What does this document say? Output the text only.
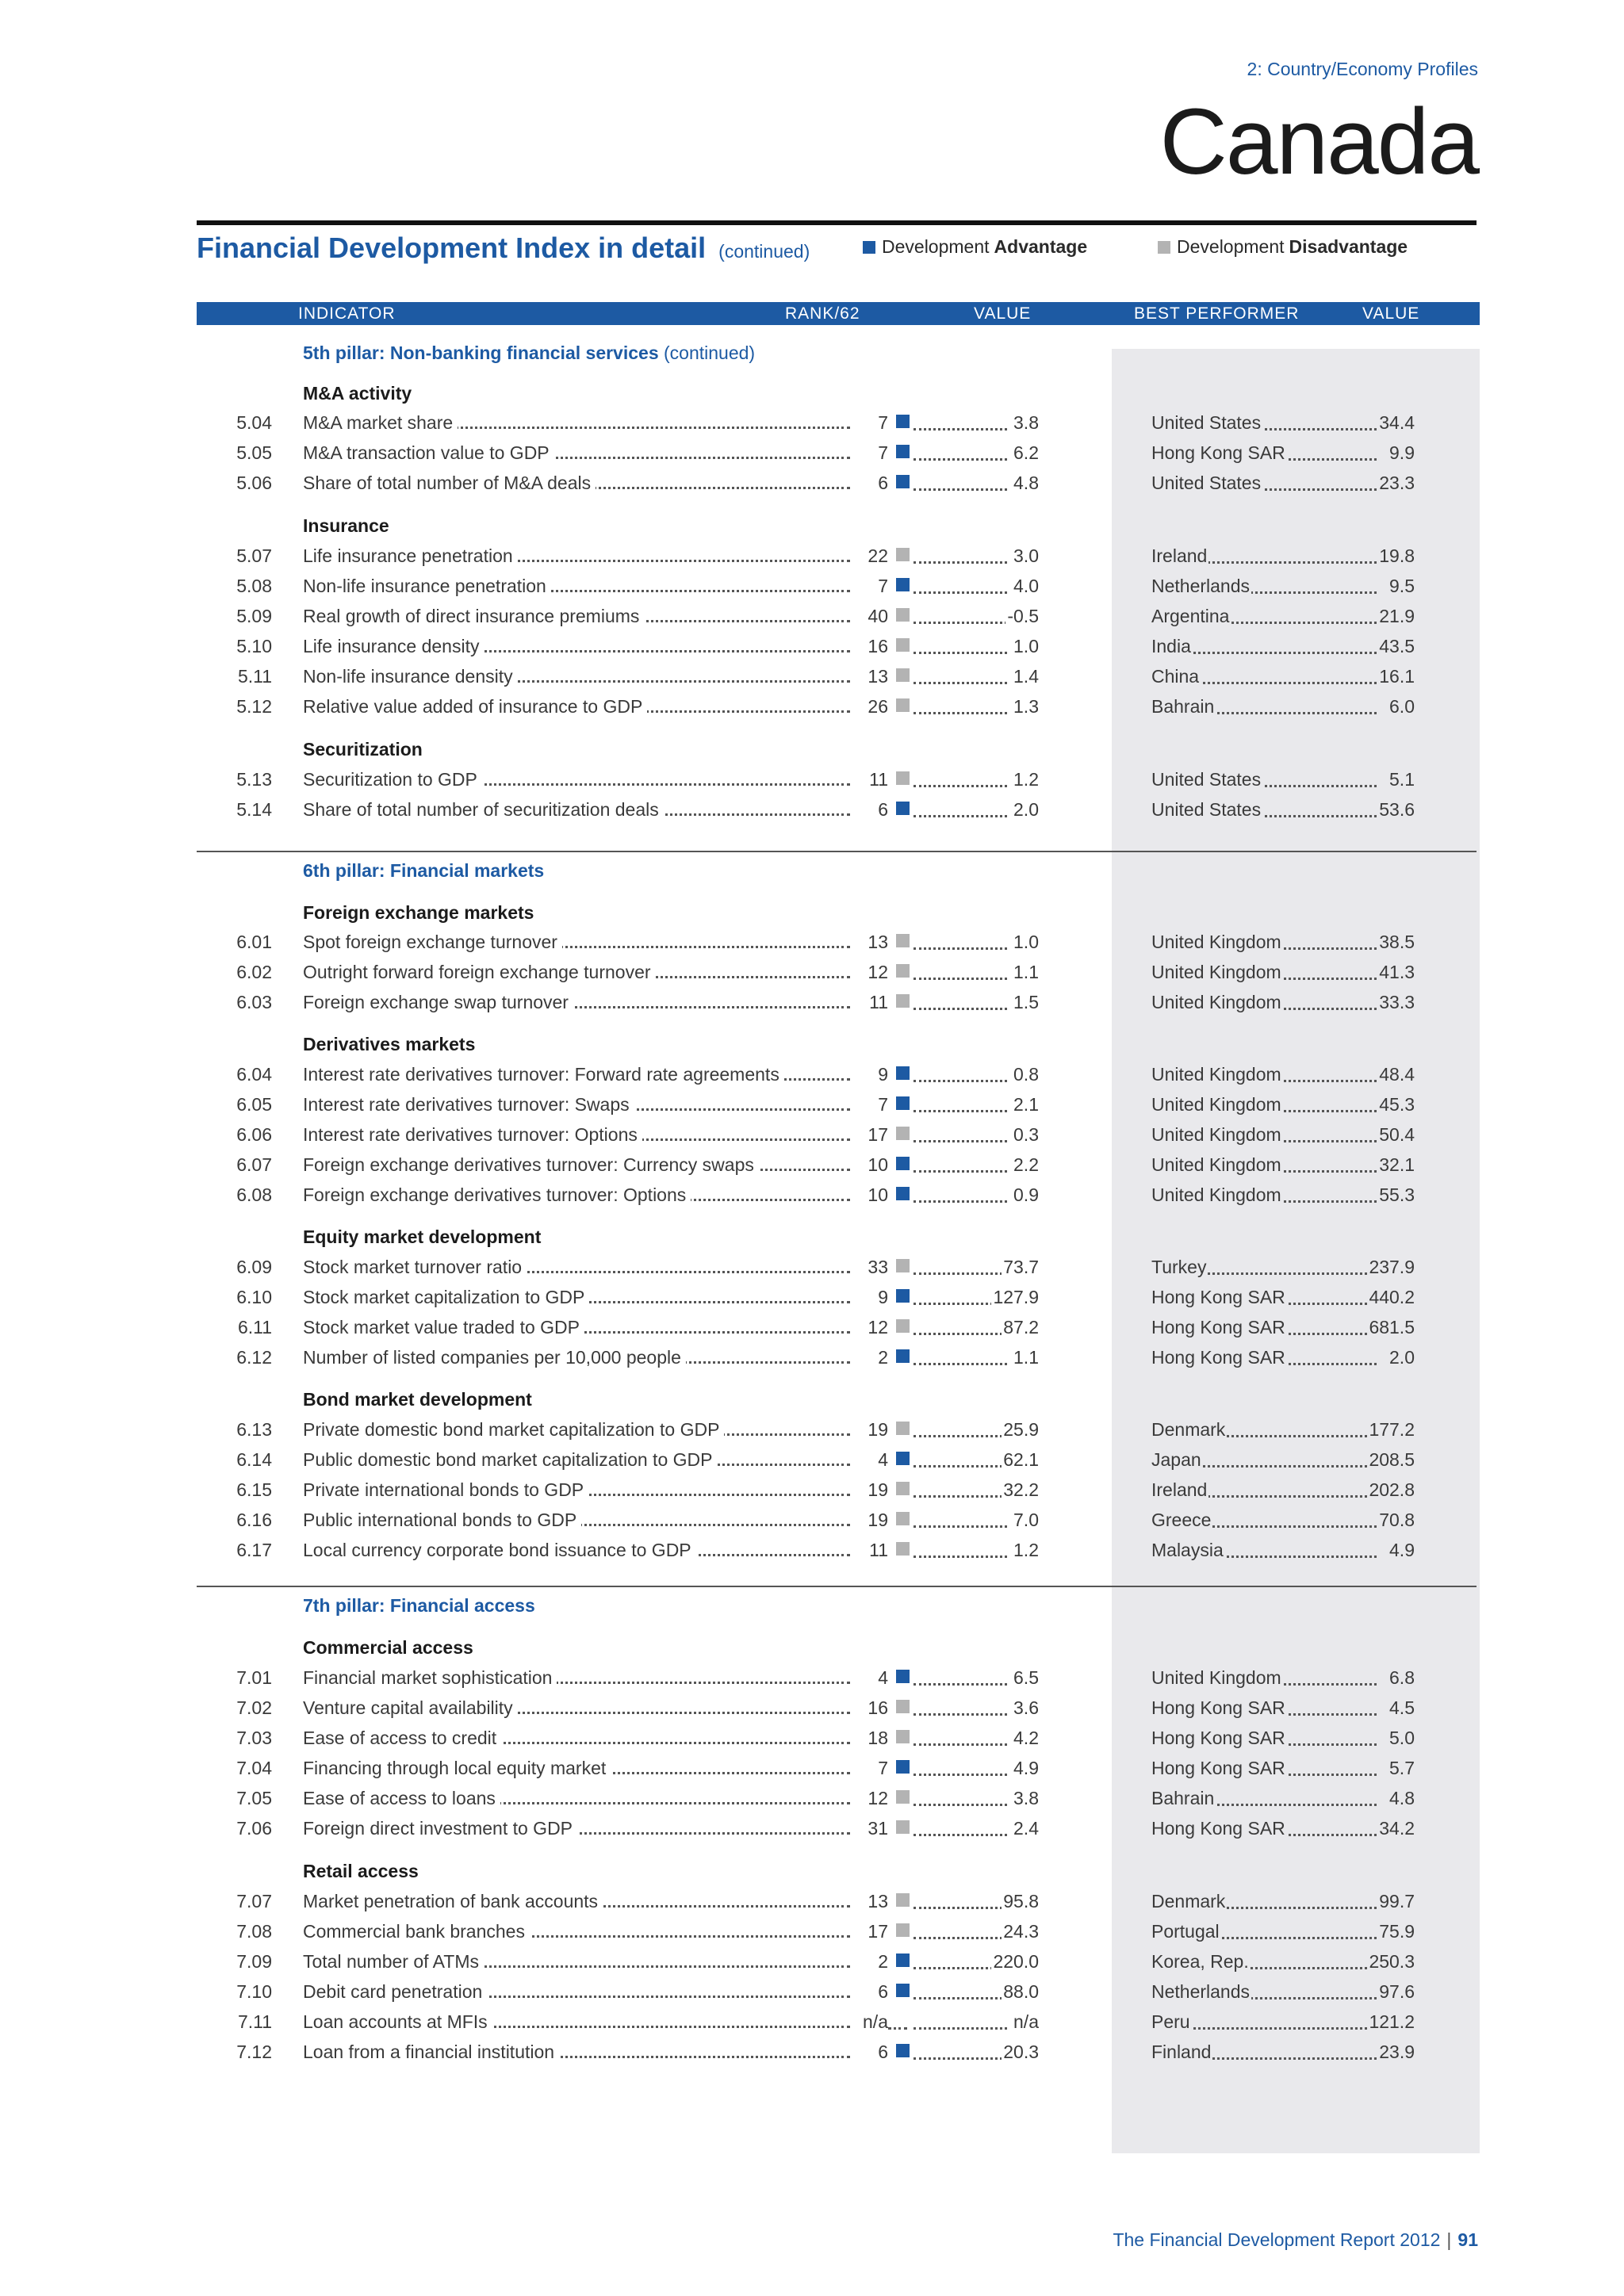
2: Country/Economy Profiles
Canada
Financial Development Index in detail (continued)	Development Advantage	Development Disadvantage
INDICATOR	RANK/62	VALUE	BEST PERFORMER	VALUE
5th pillar: Non-banking financial services (continued)
M&A activity
5.04 M&A market share	7	3.8	United States	34.4
5.05 M&A transaction value to GDP	7	6.2	Hong Kong SAR	9.9
5.06 Share of total number of M&A deals	6	4.8	United States	23.3
Insurance
5.07 Life insurance penetration	22	3.0	Ireland	19.8
5.08 Non-life insurance penetration	7	4.0	Netherlands	9.5
5.09 Real growth of direct insurance premiums	40	-0.5	Argentina	21.9
5.10 Life insurance density	16	1.0	India	43.5
5.11 Non-life insurance density	13	1.4	China	16.1
5.12 Relative value added of insurance to GDP	26	1.3	Bahrain	6.0
Securitization
5.13 Securitization to GDP	11	1.2	United States	5.1
5.14 Share of total number of securitization deals	6	2.0	United States	53.6
6th pillar: Financial markets
Foreign exchange markets
6.01 Spot foreign exchange turnover	13	1.0	United Kingdom	38.5
6.02 Outright forward foreign exchange turnover	12	1.1	United Kingdom	41.3
6.03 Foreign exchange swap turnover	11	1.5	United Kingdom	33.3
Derivatives markets
6.04 Interest rate derivatives turnover: Forward rate agreements	9	0.8	United Kingdom	48.4
6.05 Interest rate derivatives turnover: Swaps	7	2.1	United Kingdom	45.3
6.06 Interest rate derivatives turnover: Options	17	0.3	United Kingdom	50.4
6.07 Foreign exchange derivatives turnover: Currency swaps	10	2.2	United Kingdom	32.1
6.08 Foreign exchange derivatives turnover: Options	10	0.9	United Kingdom	55.3
Equity market development
6.09 Stock market turnover ratio	33	73.7	Turkey	237.9
6.10 Stock market capitalization to GDP	9	127.9	Hong Kong SAR	440.2
6.11 Stock market value traded to GDP	12	87.2	Hong Kong SAR	681.5
6.12 Number of listed companies per 10,000 people	2	1.1	Hong Kong SAR	2.0
Bond market development
6.13 Private domestic bond market capitalization to GDP	19	25.9	Denmark	177.2
6.14 Public domestic bond market capitalization to GDP	4	62.1	Japan	208.5
6.15 Private international bonds to GDP	19	32.2	Ireland	202.8
6.16 Public international bonds to GDP	19	7.0	Greece	70.8
6.17 Local currency corporate bond issuance to GDP	11	1.2	Malaysia	4.9
7th pillar: Financial access
Commercial access
7.01 Financial market sophistication	4	6.5	United Kingdom	6.8
7.02 Venture capital availability	16	3.6	Hong Kong SAR	4.5
7.03 Ease of access to credit	18	4.2	Hong Kong SAR	5.0
7.04 Financing through local equity market	7	4.9	Hong Kong SAR	5.7
7.05 Ease of access to loans	12	3.8	Bahrain	4.8
7.06 Foreign direct investment to GDP	31	2.4	Hong Kong SAR	34.2
Retail access
7.07 Market penetration of bank accounts	13	95.8	Denmark	99.7
7.08 Commercial bank branches	17	24.3	Portugal	75.9
7.09 Total number of ATMs	2	220.0	Korea, Rep.	250.3
7.10 Debit card penetration	6	88.0	Netherlands	97.6
7.11 Loan accounts at MFIs	n/a	n/a	Peru	121.2
7.12 Loan from a financial institution	6	20.3	Finland	23.9
The Financial Development Report 2012 | 91
